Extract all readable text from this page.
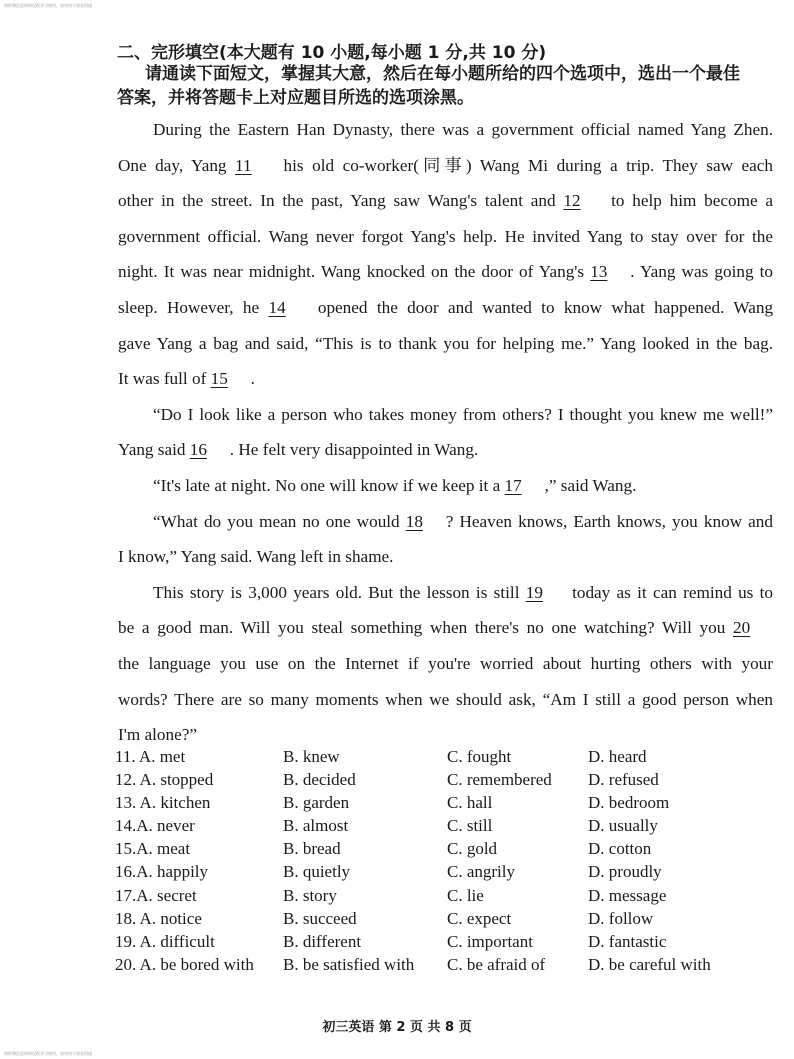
图形和信息资料仅供学习使用，请勿用于商业用途
二、完形填空(本大题有 10 小题,每小题 1 分,共 10 分)
请通读下面短文，掌握其大意，然后在每小题所给的四个选项中，选出一个最佳
答案，并将答题卡上对应题目所选的选项涂黑。
During the Eastern Han Dynasty, there was a government official named Yang Zhen.
One day, Yang 11 his old co-worker(同事) Wang Mi during a trip. They saw each
other in the street. In the past, Yang saw Wang's talent and 12 to help him become a
government official. Wang never forgot Yang's help. He invited Yang to stay over for the
night. It was near midnight. Wang knocked on the door of Yang's 13 . Yang was going to
sleep. However, he 14 opened the door and wanted to know what happened. Wang
gave Yang a bag and said, “This is to thank you for helping me.” Yang looked in the bag.
It was full of 15 .
“Do I look like a person who takes money from others? I thought you knew me well!”
Yang said 16 . He felt very disappointed in Wang.
“It's late at night. No one will know if we keep it a 17 ,” said Wang.
“What do you mean no one would 18 ? Heaven knows, Earth knows, you know and
I know,” Yang said. Wang left in shame.
This story is 3,000 years old. But the lesson is still 19 today as it can remind us to
be a good man. Will you steal something when there's no one watching? Will you 20
the language you use on the Internet if you're worried about hurting others with your
words? There are so many moments when we should ask, “Am I still a good person when
I'm alone?”
11. A. met	B. knew	C. fought	D. heard
12. A. stopped	B. decided	C. remembered D. refused
13. A. kitchen	B. garden	C. hall	D. bedroom
14.A. never	B. almost	C. still	D. usually
15.A. meat	B. bread	C. gold	D. cotton
16.A. happily	B. quietly	C. angrily	D. proudly
17.A. secret	B. story	C. lie	D. message
18. A. notice	B. succeed	C. expect	D. follow
19. A. difficult	B. different	C. important	D. fantastic
20. A. be bored with B. be satisfied with C. be afraid of	D. be careful with
初三英语 第 2 页 共 8 页
图形和信息资料仅供学习使用，请勿用于商业用途
